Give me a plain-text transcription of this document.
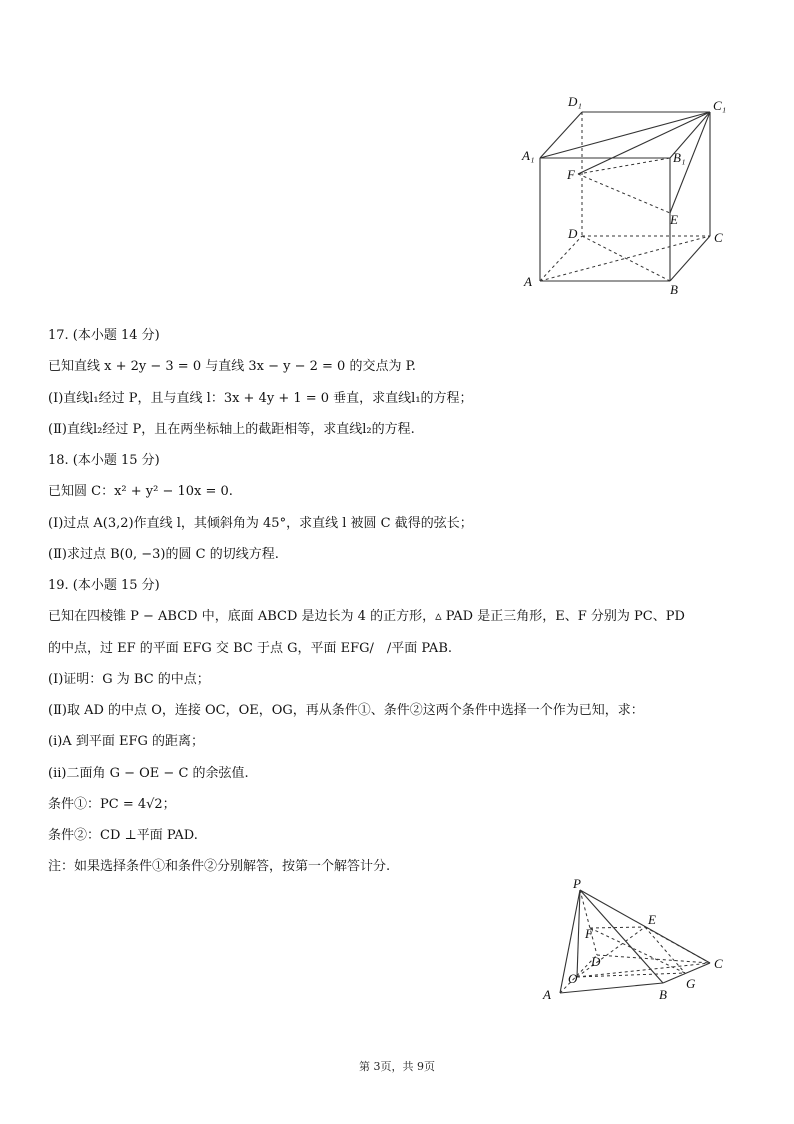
D₁	C₁
A₁	B₁
F
E
D	C
A
B
17. (本小题 14 分)
已知直线 x + 2y − 3 = 0 与直线 3x − y − 2 = 0 的交点为 P.
(Ⅰ)直线l₁经过 P，且与直线 l：3x + 4y + 1 = 0 垂直，求直线l₁的方程；
(Ⅱ)直线l₂经过 P，且在两坐标轴上的截距相等，求直线l₂的方程.
18. (本小题 15 分)
已知圆 C：x² + y² − 10x = 0.
(Ⅰ)过点 A(3,2)作直线 l，其倾斜角为 45°，求直线 l 被圆 C 截得的弦长；
(Ⅱ)求过点 B(0, −3)的圆 C 的切线方程.
19. (本小题 15 分)
已知在四棱锥 P − ABCD 中，底面 ABCD 是边长为 4 的正方形，▵ PAD 是正三角形，E、F 分别为 PC、PD
的中点，过 EF 的平面 EFG 交 BC 于点 G，平面 EFG/　/平面 PAB.
(Ⅰ)证明：G 为 BC 的中点；
(Ⅱ)取 AD 的中点 O，连接 OC，OE，OG，再从条件①、条件②这两个条件中选择一个作为已知，求：
(i)A 到平面 EFG 的距离；
(ii)二面角 G − OE − C 的余弦值.
条件①：PC = 4√2；
条件②：CD ⊥平面 PAD.
注：如果选择条件①和条件②分别解答，按第一个解答计分.
P
E
F
D	C
O
A
G
B
第 3页，共 9页
